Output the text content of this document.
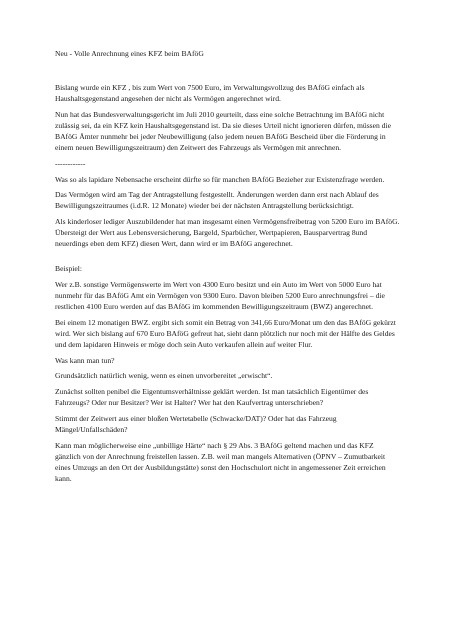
Neu - Volle Anrechnung eines KFZ beim BAföG

Bislang wurde ein KFZ , bis zum Wert von 7500 Euro, im Verwaltungsvollzug des BAföG einfach als Haushaltsgegenstand angesehen der nicht als Vermögen angerechnet wird.

Nun hat das Bundesverwaltungsgericht im Juli 2010 geurteilt, dass eine solche Betrachtung im BAföG nicht zulässig sei, da ein KFZ kein Haushaltsgegenstand ist. Da sie dieses Urteil nicht ignorieren dürfen, müssen die BAföG Ämter nunmehr bei jeder Neubewilligung (also jedem neuen BAföG Bescheid über die Förderung in einem neuen Bewilligungszeitraum) den Zeitwert des Fahrzeugs als Vermögen mit anrechnen.

------------

Was so als lapidare Nebensache erscheint dürfte so für manchen BAföG Bezieher zur Existenzfrage werden.

Das Vermögen wird am Tag der Antragstellung festgestellt. Änderungen werden dann erst nach Ablauf des Bewilligungszeitraumes (i.d.R. 12 Monate) wieder bei der nächsten Antragstellung berücksichtigt.

Als kinderloser lediger Auszubildender hat man insgesamt einen Vermögensfreibetrag von 5200 Euro im BAföG. Übersteigt der Wert aus Lebensversicherung, Bargeld, Sparbücher, Wertpapieren, Bausparvertrag 8und neuerdings eben dem KFZ) diesen Wert, dann wird er im BAföG angerechnet.

Beispiel:

Wer z.B. sonstige Vermögenswerte im Wert von 4300 Euro besitzt und ein Auto im Wert von 5000 Euro hat nunmehr für das BAföG Amt ein Vermögen von 9300 Euro. Davon bleiben 5200 Euro anrechnungsfrei – die restlichen 4100 Euro werden auf das BAföG im kommenden Bewilligungszeitraum (BWZ) angerechnet.

Bei einem 12 monatigen BWZ. ergibt sich somit ein Betrag von 341,66 Euro/Monat um den das BAföG gekürzt wird. Wer sich bislang auf 670 Euro BAföG gefreut hat, sieht dann plötzlich nur noch mit der Hälfte des Geldes und dem lapidaren Hinweis er möge doch sein Auto verkaufen allein auf weiter Flur.

Was kann man tun?

Grundsätzlich natürlich wenig, wenn es einen unvorbereitet „erwischt“.

Zunächst sollten penibel die Eigentumsverhältnisse geklärt werden. Ist man tatsächlich Eigentümer des Fahrzeugs? Oder nur Besitzer? Wer ist Halter? Wer hat den Kaufvertrag unterschrieben?

Stimmt der Zeitwert aus einer bloßen Wertetabelle (Schwacke/DAT)? Oder hat das Fahrzeug Mängel/Unfallschäden?

Kann man möglicherweise eine „unbillige Härte“ nach § 29 Abs. 3 BAföG geltend machen und das KFZ gänzlich von der Anrechnung freistellen lassen. Z.B. weil man mangels Alternativen (ÖPNV – Zumutbarkeit eines Umzugs an den Ort der Ausbildungstätte) sonst den Hochschulort nicht in angemessener Zeit erreichen kann.
